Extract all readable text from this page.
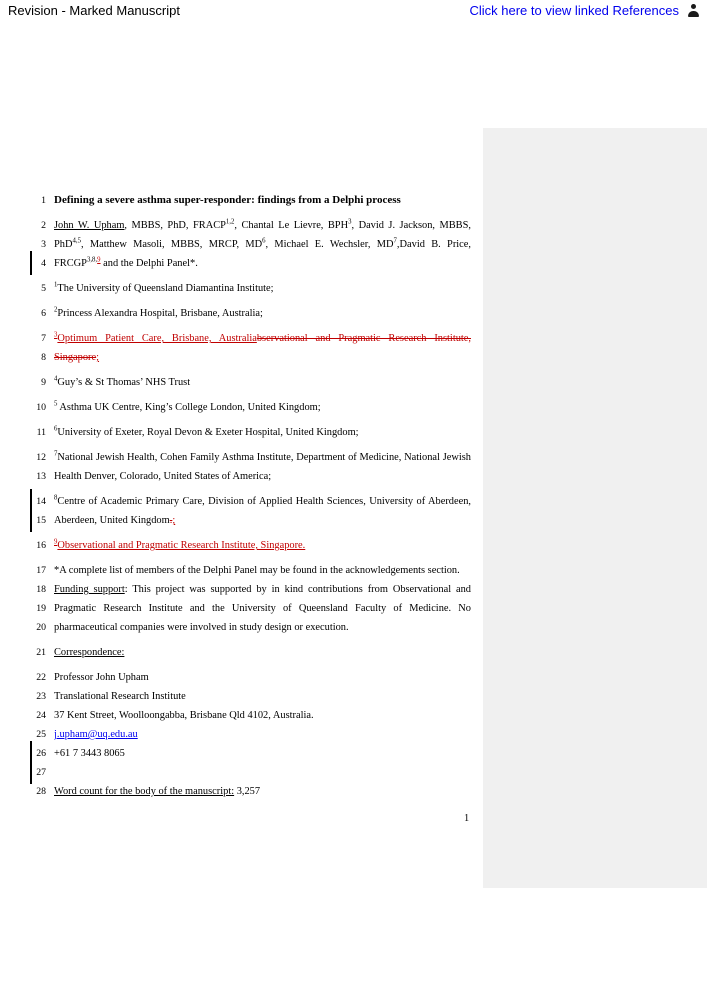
Revision - Marked Manuscript	Click here to view linked References
1 Defining a severe asthma super-responder: findings from a Delphi process
2 John W. Upham, MBBS, PhD, FRACP$^{1,2}$, Chantal Le Lievre, BPH$^3$, David J. Jackson, MBBS,
3 PhD$^{4,5}$, Matthew Masoli, MBBS, MRCP, $MD^6$, Michael E. Wechsler, $MD^7,David$ B. Price,
4 FRCGP$^{3,8,9}$ and the Delphi Panel*.
5 $^1$The University of Queensland Diamantina Institute;
6 $^2$Princess Alexandra Hospital, Brisbane, Australia;
7 $^3$Optimum Patient Care, Brisbane, Australiabservational and Pragmatic Research Institute,
8 Singapore;
9 $^4$Guy’s & St Thomas’ NHS Trust
10 $^5$ Asthma UK Centre, King’s College London, United Kingdom;
11 $^6$University of Exeter, Royal Devon & Exeter Hospital, United Kingdom;
12 $^7$National Jewish Health, Cohen Family Asthma Institute, Department of Medicine, National Jewish
13 Health Denver, Colorado, United States of America;
14 $^8$Centre of Academic Primary Care, Division of Applied Health Sciences, University of Aberdeen,
15 Aberdeen, United Kingdom.;
16 $^9$Observational and Pragmatic Research Institute, Singapore.
17 *A complete list of members of the Delphi Panel may be found in the acknowledgements section.
18 Funding support: This project was supported by in kind contributions from Observational and
19 Pragmatic Research Institute and the University of Queensland Faculty of Medicine. No
20 pharmaceutical companies were involved in study design or execution.
21 Correspondence:
22 Professor John Upham
23 Translational Research Institute
24 37 Kent Street, Woolloongabba, Brisbane Qld 4102, Australia.
25 j.upham@uq.edu.au
26 +61 7 3443 8065
27
28 Word count for the body of the manuscript: 3,257
1
